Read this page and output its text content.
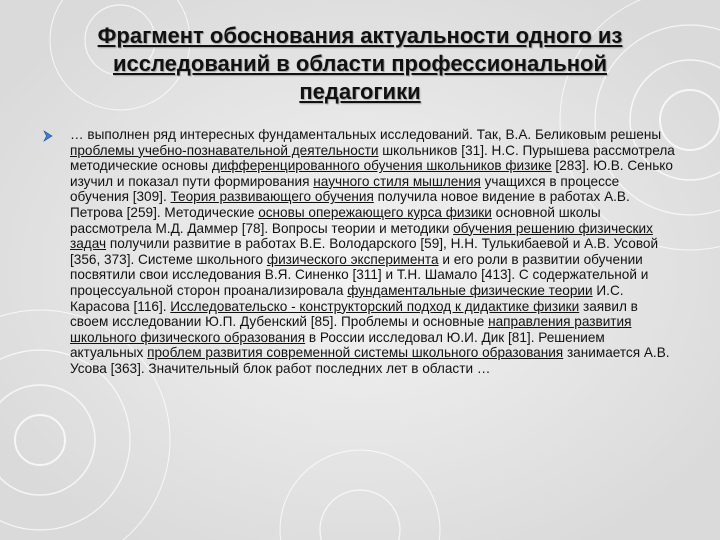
Фрагмент обоснования актуальности одного из исследований в области профессиональной педагогики

… выполнен ряд интересных фундаментальных исследований. Так, В.А. Беликовым решены проблемы учебно-познавательной деятельности школьников [31]. Н.С. Пурышева рассмотрела методические основы дифференцированного обучения школьников физике [283]. Ю.В. Сенько изучил и показал пути формирования научного стиля мышления учащихся в процессе обучения [309]. Теория развивающего обучения получила новое видение в работах А.В. Петрова [259]. Методические основы опережающего курса физики основной школы рассмотрела М.Д. Даммер [78]. Вопросы теории и методики обучения решению физических задач получили развитие в работах В.Е. Володарского [59], Н.Н. Тулькибаевой и А.В. Усовой [356, 373]. Системе школьного физического эксперимента и его роли в развитии обучении посвятили свои исследования В.Я. Синенко [311] и Т.Н. Шамало [413]. С содержательной и процессуальной сторон проанализировала фундаментальные физические теории И.С. Карасова [116]. Исследовательско - конструкторский подход к дидактике физики заявил в своем исследовании Ю.П. Дубенский [85]. Проблемы и основные направления развития школьного физического образования в России исследовал Ю.И. Дик [81]. Решением актуальных проблем развития современной системы школьного образования занимается А.В. Усова [363]. Значительный блок работ последних лет в области …
